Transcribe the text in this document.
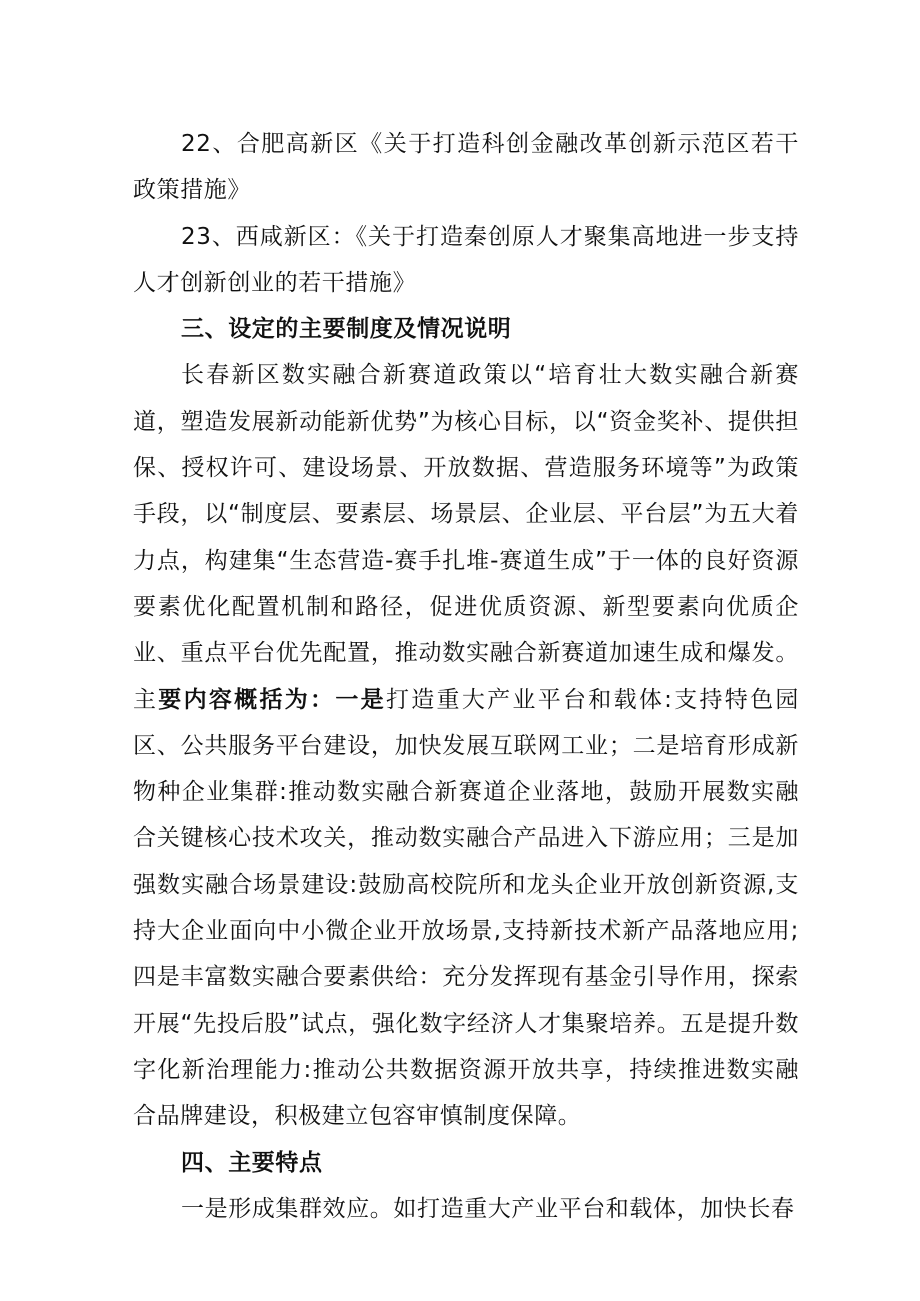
22、合肥高新区《关于打造科创金融改革创新示范区若干政策措施》

23、西咸新区：《关于打造秦创原人才聚集高地进一步支持人才创新创业的若干措施》

三、设定的主要制度及情况说明

长春新区数实融合新赛道政策以“培育壮大数实融合新赛道，塑造发展新动能新优势”为核心目标，以“资金奖补、提供担保、授权许可、建设场景、开放数据、营造服务环境等”为政策手段，以“制度层、要素层、场景层、企业层、平台层”为五大着力点，构建集“生态营造-赛手扎堆-赛道生成”于一体的良好资源要素优化配置机制和路径，促进优质资源、新型要素向优质企业、重点平台优先配置，推动数实融合新赛道加速生成和爆发。主要内容概括为：一是打造重大产业平台和载体:支持特色园区、公共服务平台建设，加快发展互联网工业；二是培育形成新物种企业集群:推动数实融合新赛道企业落地，鼓励开展数实融合关键核心技术攻关，推动数实融合产品进入下游应用；三是加强数实融合场景建设:鼓励高校院所和龙头企业开放创新资源,支持大企业面向中小微企业开放场景,支持新技术新产品落地应用;四是丰富数实融合要素供给：充分发挥现有基金引导作用，探索开展“先投后股”试点，强化数字经济人才集聚培养。五是提升数字化新治理能力:推动公共数据资源开放共享，持续推进数实融合品牌建设，积极建立包容审慎制度保障。

四、主要特点

一是形成集群效应。如打造重大产业平台和载体，加快长春
